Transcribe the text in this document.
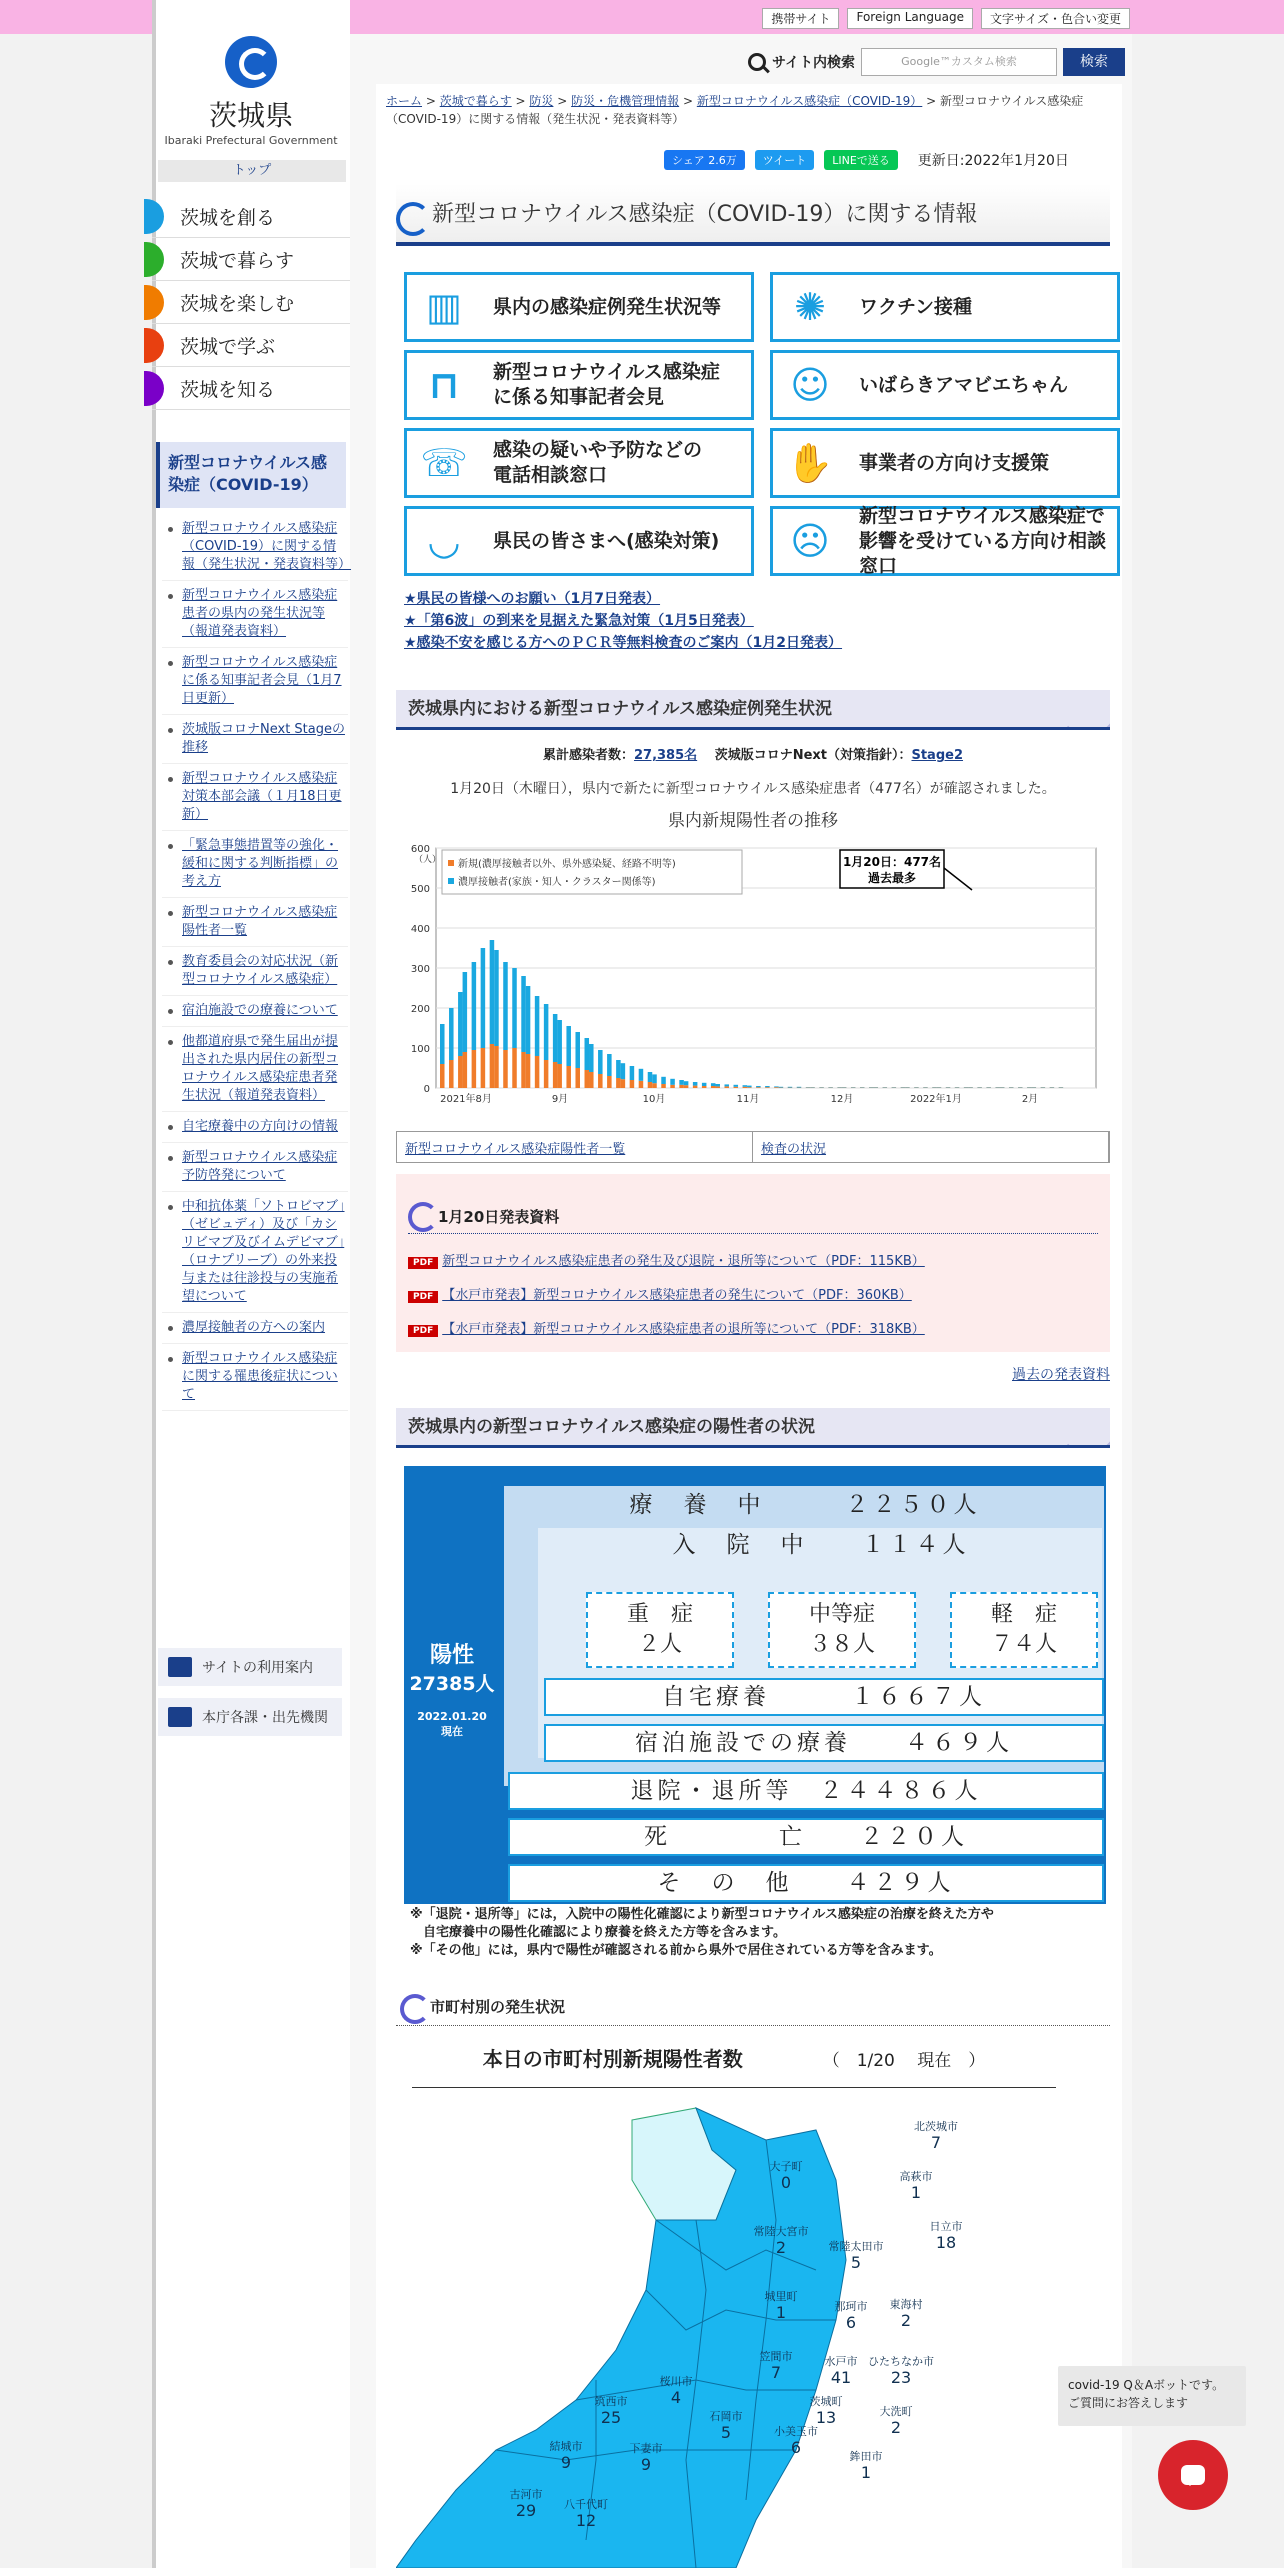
携帯サイト	Foreign Language	文字サイズ・色合い変更
茨城県
Ibaraki Prefectural Government
トップ
茨城を創る
茨城で暮らす
茨城を楽しむ
茨城で学ぶ
茨城を知る
新型コロナウイルス感染症（COVID-19）
新型コロナウイルス感染症（COVID-19）に関する情報（発生状況・発表資料等）
新型コロナウイルス感染症患者の県内の発生状況等（報道発表資料）
新型コロナウイルス感染症に係る知事記者会見（1月7日更新）
茨城版コロナNext Stageの推移
新型コロナウイルス感染症対策本部会議（１月18日更新）
「緊急事態措置等の強化・緩和に関する判断指標」の考え方
新型コロナウイルス感染症陽性者一覧
教育委員会の対応状況（新型コロナウイルス感染症）
宿泊施設での療養について
他都道府県で発生届出が提出された県内居住の新型コロナウイルス感染症患者発生状況（報道発表資料）
自宅療養中の方向けの情報
新型コロナウイルス感染症予防啓発について
中和抗体薬「ソトロビマブ」（ゼビュディ）及び「カシリビマブ及びイムデビマブ」（ロナプリーブ）の外来投与または往診投与の実施希望について
濃厚接触者の方への案内
新型コロナウイルス感染症に関する罹患後症状について
サイトの利用案内
本庁各課・出先機関
サイト内検索	Google™カスタム検索	検索
ホーム > 茨城で暮らす > 防災 > 防災・危機管理情報 > 新型コロナウイルス感染症（COVID-19） > 新型コロナウイルス感染症（COVID-19）に関する情報（発生状況・発表資料等）
シェア 2.6万	ツイート	LINEで送る	更新日:2022年1月20日
新型コロナウイルス感染症（COVID-19）に関する情報
▥	県内の感染症例発生状況等	✺	ワクチン接種
⊓	新型コロナウイルス感染症
に係る知事記者会見	☺	いばらきアマビエちゃん
☏ 感染の疑いや予防などの
電話相談窓口	✋ 事業者の方向け支援策
◡	県民の皆さまへ(感染対策) ☹
新型コロナウイルス感染症で
影響を受けている方向け相談窓口
★県民の皆様へのお願い（1月7日発表）
★「第6波」の到来を見据えた緊急対策（1月5日発表）
★感染不安を感じる方へのＰＣＲ等無料検査のご案内（1月2日発表）
茨城県内における新型コロナウイルス感染症例発生状況
累計感染者数：27,385名　 茨城版コロナNext（対策指針）：Stage2
1月20日（木曜日），県内で新たに新型コロナウイルス感染症患者（477名）が確認されました。
県内新規陽性者の推移
0
100
200
300
400
500
600
（人）
2021年8月	9月	10月	11月	12月	2022年1月	2月
新規(濃厚接触者以外、県外感染疑、経路不明等)
濃厚接触者(家族・知人・クラスター関係等)
1月20日：477名
過去最多
新型コロナウイルス感染症陽性者一覧	検査の状況
1月20日発表資料
PDF 新型コロナウイルス感染症患者の発生及び退院・退所等について（PDF：115KB）
PDF 【水戸市発表】新型コロナウイルス感染症患者の発生について（PDF：360KB）
PDF 【水戸市発表】新型コロナウイルス感染症患者の退所等について（PDF：318KB）
過去の発表資料
茨城県内の新型コロナウイルス感染症の陽性者の状況
陽性
27385人
2022.01.20
現在
療　養　中　　　２２５０人
入　院　中　　１１４人
重　症
２人
中等症
３８人
軽　症
７４人
自宅療養　　　１６６７人
宿泊施設での療養　　４６９人
退院・退所等　２４４８６人
死　　　　亡　　２２０人
そ　の　他　　４２９人
※「退院・退所等」には，入院中の陽性化確認により新型コロナウイルス感染症の治療を終えた方や
　自宅療養中の陽性化確認により療養を終えた方等を含みます。
※「その他」には，県内で陽性が確認される前から県外で居住されている方等を含みます。
市町村別の発生状況
本日の市町村別新規陽性者数	（　1/20　 現在　）
大子町
0
北茨城市
7
高萩市
1
常陸大宮市
2	常陸太田市
5
日立市
18
城里町
1	那珂市
6
東海村
2
笠間市
7
水戸市
41
ひたちなか市
23
桜川市
4
筑西市
25
茨城町
13	大洗町
2
石岡市
5	小美玉市
6	鉾田市
1
結城市
9
下妻市
9
古河市
29	八千代町
12
covid-19 Q＆Aボットです。ご質問にお答えします
